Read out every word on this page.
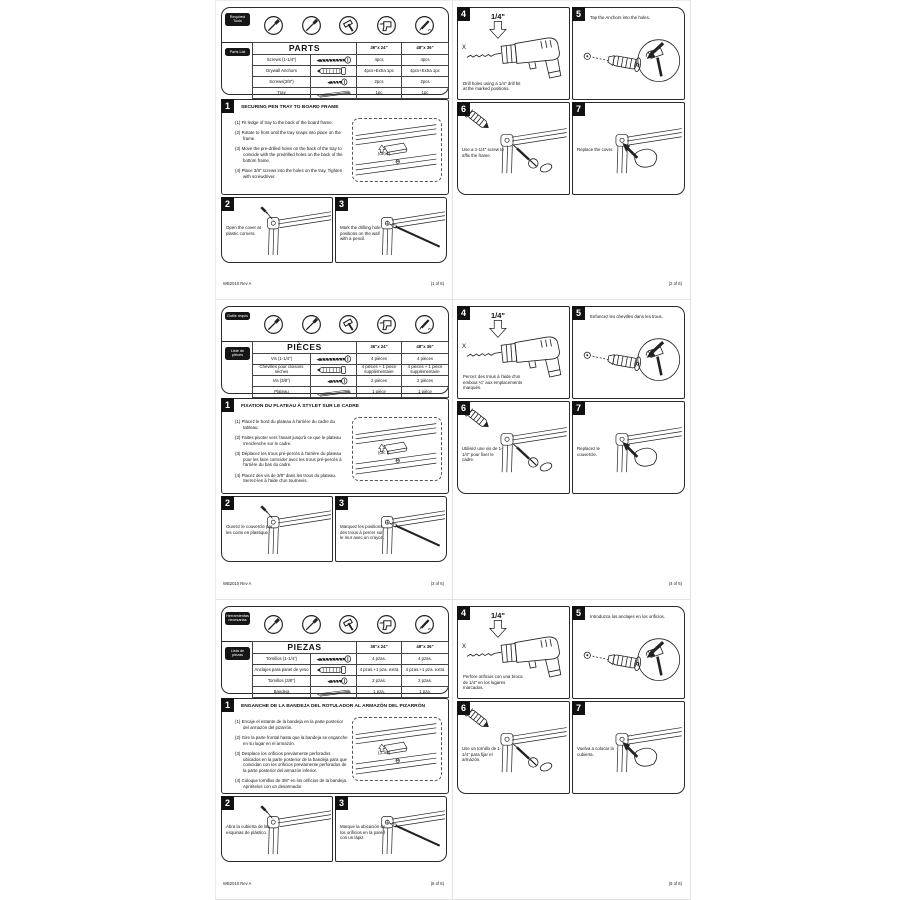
Required Tools
Parts List	PARTS		36"x 24"	48"x 36"
Screws (1-1/4")		4pcs	4pcs
Drywall Anchors		4pcs+Extra 1pc	4pcs+Extra 1pc
Screws(3/8")		2pcs	2pcs
Tray		1pc	1pc
1	SECURING PEN TRAY TO BOARD FRAME

(1) Fit ledge of tray to the back of the board frame.

(2) Rotate to front until the tray snaps into place on the frame.

(3) Move the pre-drilled holes on the back of the tray to coincide with the predrilled holes on the back of the bottom frame.

(4) Place 3/8" screws into the holes on the tray. Tighten with screwdriver.

(click!)
2
Open the cover at plastic corners.
3
Mark the drilling hole positions on the wall with a pencil.
WB2010 Rev A	(1 of 6)
4	1/4"
X
Drill holes using a 1/4" drill bit at the marked positions.
5	Tap the Anchors into the holes.
6
Use a 1-1/4" screw to affix the frame.
7
Replace the cover.
(2 of 6)
Outils requis
Liste de pièces
PIÈCES		36"x 24"	48"x 36"
Vis (1-1/4")		4 pièces	4 pièces
Chevilles pour cloisons sèches		4 pièces + 1 pièce supplémentaire	4 pièces + 1 pièce supplémentaire
Vis (3/8")		2 pièces	2 pièces
Plateau		1 pièce	1 pièce
1	FIXATION DU PLATEAU À STYLET SUR LE CADRE

(1) Placez le bord du plateau à l'arrière du cadre du tableau.

(2) Faites pivoter vers l'avant jusqu'à ce que le plateau s'enclenche sur le cadre.

(3) Déplacez les trous pré-percés à l'arrière du plateau pour les faire coïncider avec les trous pré-percés à l'arrière du bas du cadre.

(4) Placez des vis de 3/8" dans les trous du plateau. Serrez-les à l'aide d'un tournevis.

(clic !)
2
Ouvrez le couvercle par les coins en plastique.
3
Marquez les positions des trous à percer sur le mur avec un crayon.
WB2010 Rev A	(3 of 6)
4	1/4"
X
Percez des trous à l'aide d'un embout ¼" aux emplacements marqués.
5	Enfoncez les chevilles dans les trous.
6
Utilisez une vis de 1-1/4" pour fixer le cadre.
7
Replacez le couvercle.
(4 of 6)
Herramientas necesarias
Lista de piezas
PIEZAS		36"x 24"	48"x 36"
Tornillos (1-1/4")		4 pzas.	4 pzas.
Anclajes para panel de yeso		4 pzas.+1 pza. extra	4 pzas.+1 pza. extra
Tornillos (3/8")		2 pzas.	2 pzas.
Bandeja		1 pza.	1 pza.
1	ENGANCHE DE LA BANDEJA DEL ROTULADOR AL ARMAZÓN DEL PIZARRÓN

(1) Encaje el estante de la bandeja en la parte posterior del armazón del pizarrón.

(2) Gire la parte frontal hasta que la bandeja se enganche en su lugar en el armazón.

(3) Desplace los orificios previamente perforados ubicados en la parte posterior de la bandeja para que coincidan con los orificios previamente perforados de la parte posterior del armazón inferior.

(4) Coloque tornillos de 3/8" en los orificios de la bandeja. Apriételos con un desarmador.

(¡Clic!)
2
Abra la cubierta de las esquinas de plástico.
3
Marque la ubicación de los orificios en la pared con un lápiz.
WB2010 Rev A	(5 of 6)
4	1/4"
X
Perfore orificios con una broca de 1/4" en los lugares marcados.
5	Introduzca los anclajes en los orificios.
6
Use un tornillo de 1-1/4" para fijar el armazón.
7
Vuelva a colocar la cubierta.
(6 of 6)
